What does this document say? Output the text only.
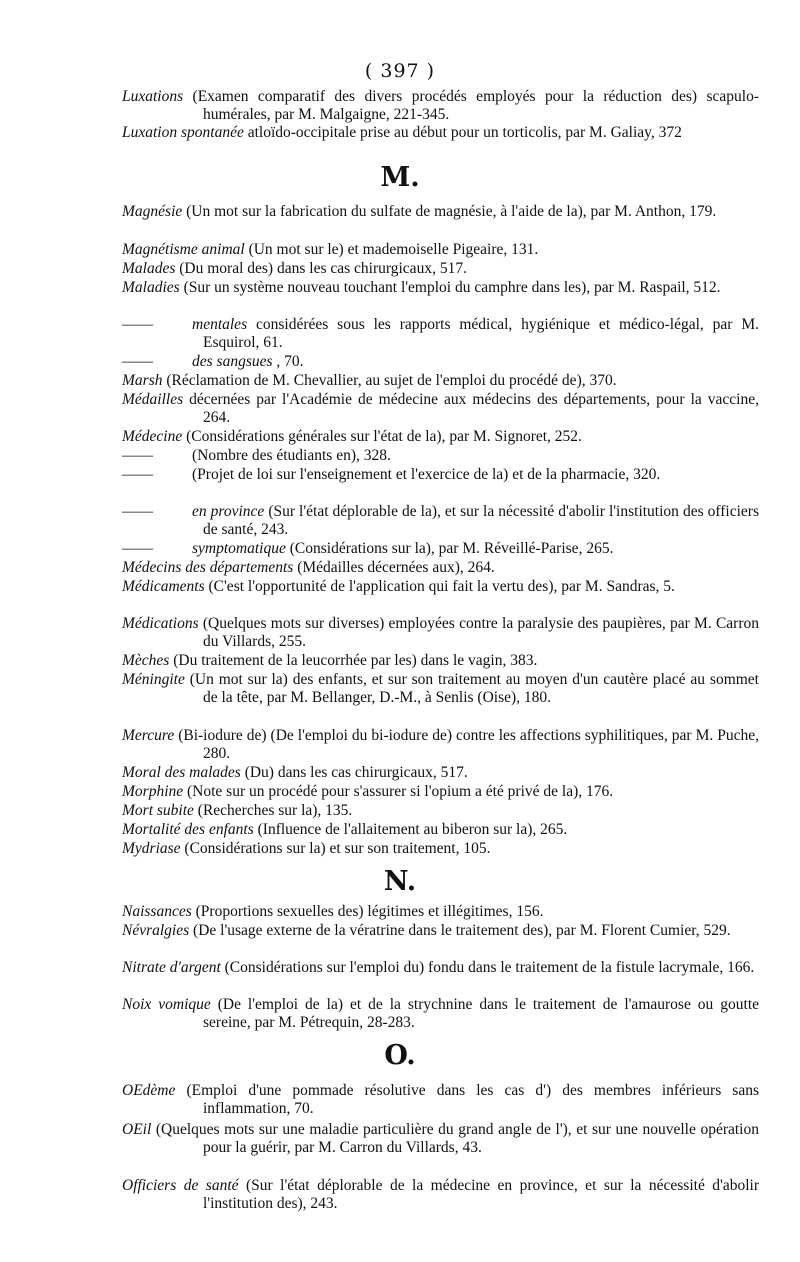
( 397 )
Luxations (Examen comparatif des divers procédés employés pour la réduction des) scapulo-humérales, par M. Malgaigne, 221-345.
Luxation spontanée atloïdo-occipitale prise au début pour un torticolis, par M. Galiay, 372
M.
Magnésie (Un mot sur la fabrication du sulfate de magnésie, à l'aide de la), par M. Anthon, 179.
Magnétisme animal (Un mot sur le) et mademoiselle Pigeaire, 131.
Malades (Du moral des) dans les cas chirurgicaux, 517.
Maladies (Sur un système nouveau touchant l'emploi du camphre dans les), par M. Raspail, 512.
——	mentales considérées sous les rapports médical, hygiénique et médico-légal, par M. Esquirol, 61.
——	des sangsues , 70.
Marsh (Réclamation de M. Chevallier, au sujet de l'emploi du procédé de), 370.
Médailles décernées par l'Académie de médecine aux médecins des départements, pour la vaccine, 264.
Médecine (Considérations générales sur l'état de la), par M. Signoret, 252.
——	(Nombre des étudiants en), 328.
——	(Projet de loi sur l'enseignement et l'exercice de la) et de la pharmacie, 320.
——	en province (Sur l'état déplorable de la), et sur la nécessité d'abolir l'institution des officiers de santé, 243.
——	symptomatique (Considérations sur la), par M. Réveillé-Parise, 265.
Médecins des départements (Médailles décernées aux), 264.
Médicaments (C'est l'opportunité de l'application qui fait la vertu des), par M. Sandras, 5.
Médications (Quelques mots sur diverses) employées contre la paralysie des paupières, par M. Carron du Villards, 255.
Mèches (Du traitement de la leucorrhée par les) dans le vagin, 383.
Méningite (Un mot sur la) des enfants, et sur son traitement au moyen d'un cautère placé au sommet de la tête, par M. Bellanger, D.-M., à Senlis (Oise), 180.
Mercure (Bi-iodure de) (De l'emploi du bi-iodure de) contre les affections syphilitiques, par M. Puche, 280.
Moral des malades (Du) dans les cas chirurgicaux, 517.
Morphine (Note sur un procédé pour s'assurer si l'opium a été privé de la), 176.
Mort subite (Recherches sur la), 135.
Mortalité des enfants (Influence de l'allaitement au biberon sur la), 265.
Mydriase (Considérations sur la) et sur son traitement, 105.
N.
Naissances (Proportions sexuelles des) légitimes et illégitimes, 156.
Névralgies (De l'usage externe de la vératrine dans le traitement des), par M. Florent Cumier, 529.
Nitrate d'argent (Considérations sur l'emploi du) fondu dans le traitement de la fistule lacrymale, 166.
Noix vomique (De l'emploi de la) et de la strychnine dans le traitement de l'amaurose ou goutte sereine, par M. Pétrequin, 28-283.
O.
OEdème (Emploi d'une pommade résolutive dans les cas d') des membres inférieurs sans inflammation, 70.
OEil (Quelques mots sur une maladie particulière du grand angle de l'), et sur une nouvelle opération pour la guérir, par M. Carron du Villards, 43.
Officiers de santé (Sur l'état déplorable de la médecine en province, et sur la nécessité d'abolir l'institution des), 243.
